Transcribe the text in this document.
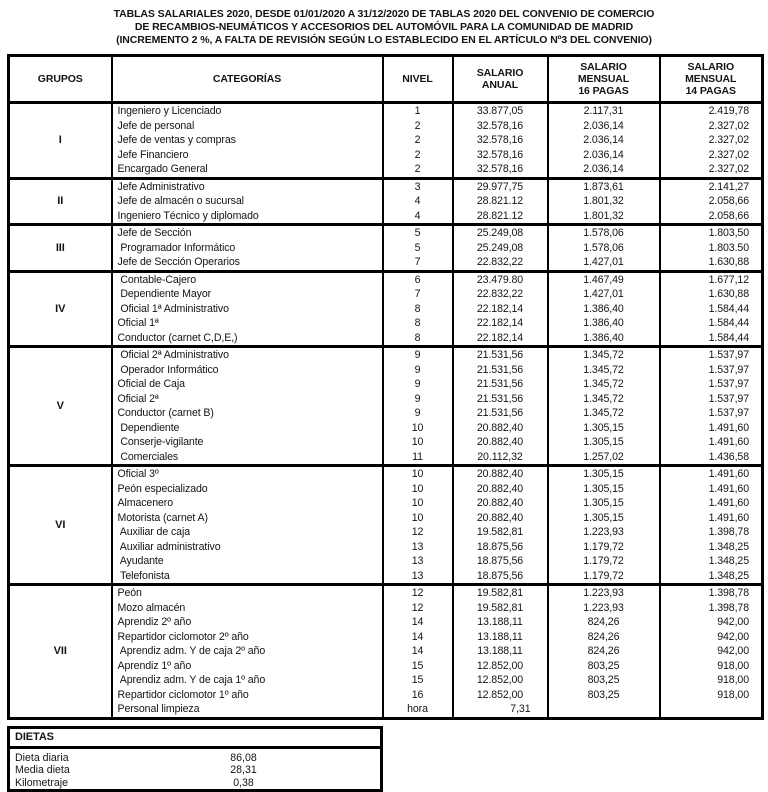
TABLAS SALARIALES 2020, DESDE 01/01/2020 A 31/12/2020 DE TABLAS 2020 DEL CONVENIO DE COMERCIO
DE RECAMBIOS-NEUMÁTICOS Y ACCESORIOS DEL AUTOMÓVIL PARA LA COMUNIDAD DE MADRID
(INCREMENTO 2 %, A FALTA DE REVISIÓN SEGÚN LO ESTABLECIDO EN EL ARTÍCULO Nº3 DEL CONVENIO)
GRUPOS	CATEGORÍAS	NIVEL	SALARIO ANUAL	SALARIO MENSUAL 16 PAGAS	SALARIO MENSUAL 14 PAGAS
I	Ingeniero y Licenciado	1	33.877,05	2.117,31	2.419,78
	Jefe de personal	2	32.578,16	2.036,14	2.327,02
	Jefe de ventas y compras	2	32.578,16	2.036,14	2.327,02
	Jefe Financiero	2	32.578,16	2.036,14	2.327,02
	Encargado General	2	32.578,16	2.036,14	2.327,02
II	Jefe Administrativo	3	29.977,75	1.873,61	2.141,27
	Jefe de almacén o sucursal	4	28.821.12	1.801,32	2.058,66
	Ingeniero Técnico y diplomado	4	28.821.12	1.801,32	2.058,66
III	Jefe de Sección	5	25.249,08	1.578,06	1.803,50
	Programador Informático	5	25.249,08	1.578,06	1.803.50
	Jefe de Sección Operarios	7	22.832,22	1.427,01	1.630,88
IV	Contable-Cajero	6	23.479.80	1.467,49	1.677,12
	Dependiente Mayor	7	22.832,22	1.427,01	1.630,88
	Oficial 1ª Administrativo	8	22.182,14	1.386,40	1.584,44
	Oficial 1ª	8	22.182,14	1.386,40	1.584,44
	Conductor (carnet C,D,E,)	8	22.182,14	1.386,40	1.584,44
V	Oficial 2ª Administrativo	9	21.531,56	1.345,72	1.537,97
	Operador Informático	9	21.531,56	1.345,72	1.537,97
	Oficial de Caja	9	21.531,56	1.345,72	1.537,97
	Oficial 2ª	9	21.531,56	1.345,72	1.537,97
	Conductor (carnet B)	9	21.531,56	1.345,72	1.537,97
	Dependiente	10	20.882,40	1.305,15	1.491,60
	Conserje-vigilante	10	20.882,40	1.305,15	1.491,60
	Comerciales	11	20.112,32	1.257,02	1.436,58
VI	Oficial 3º	10	20.882,40	1.305,15	1.491,60
	Peón especializado	10	20.882,40	1.305,15	1.491,60
	Almacenero	10	20.882,40	1.305,15	1.491,60
	Motorista (carnet A)	10	20.882,40	1.305,15	1.491,60
	Auxiliar de caja	12	19.582,81	1.223,93	1.398,78
	Auxiliar administrativo	13	18.875,56	1.179,72	1.348,25
	Ayudante	13	18.875,56	1.179,72	1.348,25
	Telefonista	13	18.875,56	1.179,72	1.348,25
VII	Peón	12	19.582,81	1.223,93	1.398,78
	Mozo almacén	12	19.582,81	1.223,93	1.398,78
	Aprendiz 2º año	14	13.188,11	824,26	942,00
	Repartidor ciclomotor 2º año	14	13.188,11	824,26	942,00
	Aprendiz adm. Y de caja 2º año	14	13.188,11	824,26	942,00
	Aprendiz 1º año	15	12.852,00	803,25	918,00
	Aprendiz adm. Y de caja 1º año	15	12.852,00	803,25	918,00
	Repartidor ciclomotor 1º año	16	12.852,00	803,25	918,00
	Personal limpieza	hora	7,31		
DIETAS		
Dieta diaria	86,08	
Media dieta	28,31	
Kilometraje	0,38	
